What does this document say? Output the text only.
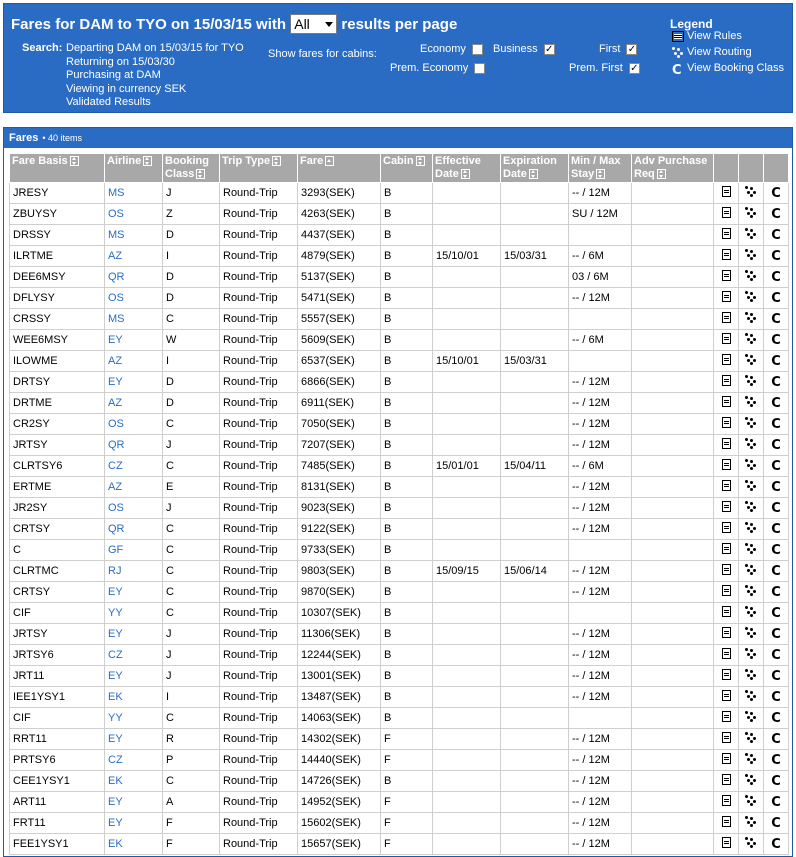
Fares for DAM to TYO on 15/03/15 with All results per page
Search: Departing DAM on 15/03/15 for TYO
Returning on 15/03/30
Purchasing at DAM
Viewing in currency SEK
Validated Results
Show fares for cabins:	Economy	Business ✓	First ✓
Prem. Economy	Prem. First ✓
Legend
View Rules
View Routing
C View Booking Class
Fares • 40 items
Fare Basis	Airline	Booking Class	Trip Type	Fare	Cabin	Effective Date	Expiration Date	Min / Max Stay	Adv Purchase Req			
JRESY	MS	J	Round-Trip	3293(SEK)	B			-- / 12M				C
ZBUYSY	OS	Z	Round-Trip	4263(SEK)	B			SU / 12M				C
DRSSY	MS	D	Round-Trip	4437(SEK)	B							C
ILRTME	AZ	I	Round-Trip	4879(SEK)	B	15/10/01	15/03/31	-- / 6M				C
DEE6MSY	QR	D	Round-Trip	5137(SEK)	B			03 / 6M				C
DFLYSY	OS	D	Round-Trip	5471(SEK)	B			-- / 12M				C
CRSSY	MS	C	Round-Trip	5557(SEK)	B							C
WEE6MSY	EY	W	Round-Trip	5609(SEK)	B			-- / 6M				C
ILOWME	AZ	I	Round-Trip	6537(SEK)	B	15/10/01	15/03/31					C
DRTSY	EY	D	Round-Trip	6866(SEK)	B			-- / 12M				C
DRTME	AZ	D	Round-Trip	6911(SEK)	B			-- / 12M				C
CR2SY	OS	C	Round-Trip	7050(SEK)	B			-- / 12M				C
JRTSY	QR	J	Round-Trip	7207(SEK)	B			-- / 12M				C
CLRTSY6	CZ	C	Round-Trip	7485(SEK)	B	15/01/01	15/04/11	-- / 6M				C
ERTME	AZ	E	Round-Trip	8131(SEK)	B			-- / 12M				C
JR2SY	OS	J	Round-Trip	9023(SEK)	B			-- / 12M				C
CRTSY	QR	C	Round-Trip	9122(SEK)	B			-- / 12M				C
C	GF	C	Round-Trip	9733(SEK)	B							C
CLRTMC	RJ	C	Round-Trip	9803(SEK)	B	15/09/15	15/06/14	-- / 12M				C
CRTSY	EY	C	Round-Trip	9870(SEK)	B			-- / 12M				C
CIF	YY	C	Round-Trip	10307(SEK)	B							C
JRTSY	EY	J	Round-Trip	11306(SEK)	B			-- / 12M				C
JRTSY6	CZ	J	Round-Trip	12244(SEK)	B			-- / 12M				C
JRT11	EY	J	Round-Trip	13001(SEK)	B			-- / 12M				C
IEE1YSY1	EK	I	Round-Trip	13487(SEK)	B			-- / 12M				C
CIF	YY	C	Round-Trip	14063(SEK)	B							C
RRT11	EY	R	Round-Trip	14302(SEK)	F			-- / 12M				C
PRTSY6	CZ	P	Round-Trip	14440(SEK)	F			-- / 12M				C
CEE1YSY1	EK	C	Round-Trip	14726(SEK)	B			-- / 12M				C
ART11	EY	A	Round-Trip	14952(SEK)	F			-- / 12M				C
FRT11	EY	F	Round-Trip	15602(SEK)	F			-- / 12M				C
FEE1YSY1	EK	F	Round-Trip	15657(SEK)	F			-- / 12M				C
